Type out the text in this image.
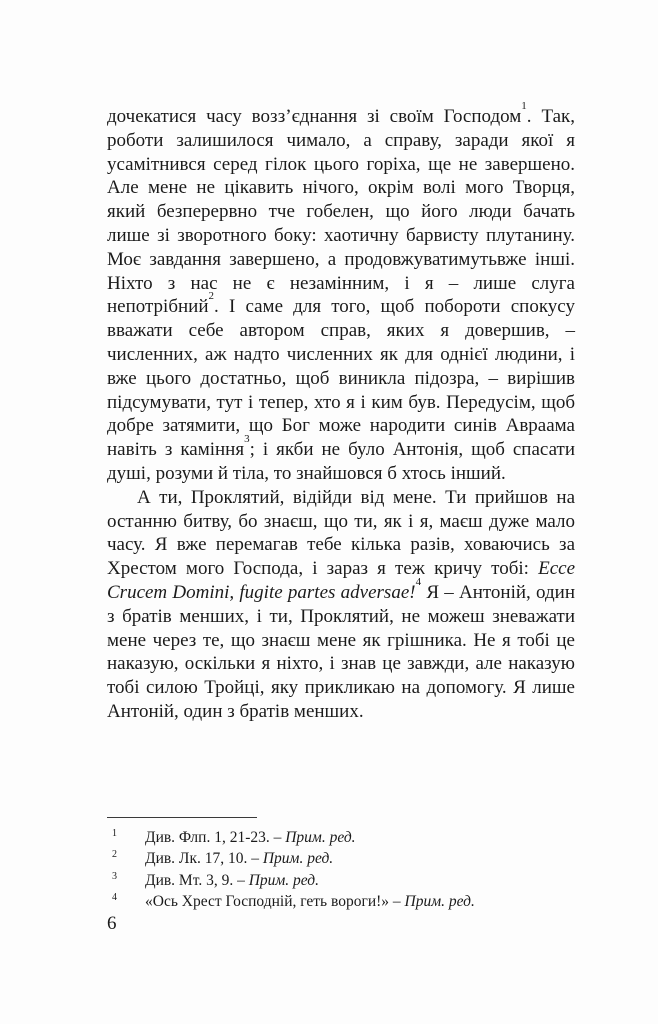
дочекатися часу возз’єднання зі своїм Господом$^1$. Так, роботи залишилося чимало, а справу, заради якої я усамітнився серед гілок цього горіха, ще не завершено. Але мене не цікавить нічого, окрім волі мого Творця, який безперервно тче гобелен, що його люди бачать лише зі зворотного боку: хаотичну барвисту плутанину. Моє завдання завершено, а продовжуватимутьвже інші. Ніхто з нас не є незамінним, і я – лише слуга непотрібний$^2$. І саме для того, щоб побороти спокусу вважати себе автором справ, яких я довершив, – численних, аж надто численних як для однієї людини, і вже цього достатньо, щоб виникла підозра, – вирішив підсумувати, тут і тепер, хто я і ким був. Передусім, щоб добре затямити, що Бог може народити синів Авраама навіть з каміння$^3$; і якби не було Антонія, щоб спасати душі, розуми й тіла, то знайшовся б хтось інший.

А ти, Проклятий, відійди від мене. Ти прийшов на останню битву, бо знаєш, що ти, як і я, маєш дуже мало часу. Я вже перемагав тебе кілька разів, ховаючись за Хрестом мого Господа, і зараз я теж кричу тобі: Ecce Crucem Domini, fugite partes adversae!$^4$ Я – Антоній, один з братів менших, і ти, Проклятий, не можеш зневажати мене через те, що знаєш мене як грішника. Не я тобі це наказую, оскільки я ніхто, і знав це завжди, але наказую тобі силою Тройці, яку прикликаю на допомогу. Я лише Антоній, один з братів менших.

1 Див. Флп. 1, 21-23. – Прим. ред.
2 Див. Лк. 17, 10. – Прим. ред.
3 Див. Мт. 3, 9. – Прим. ред.
4 «Ось Хрест Господній, геть вороги!» – Прим. ред.
6
